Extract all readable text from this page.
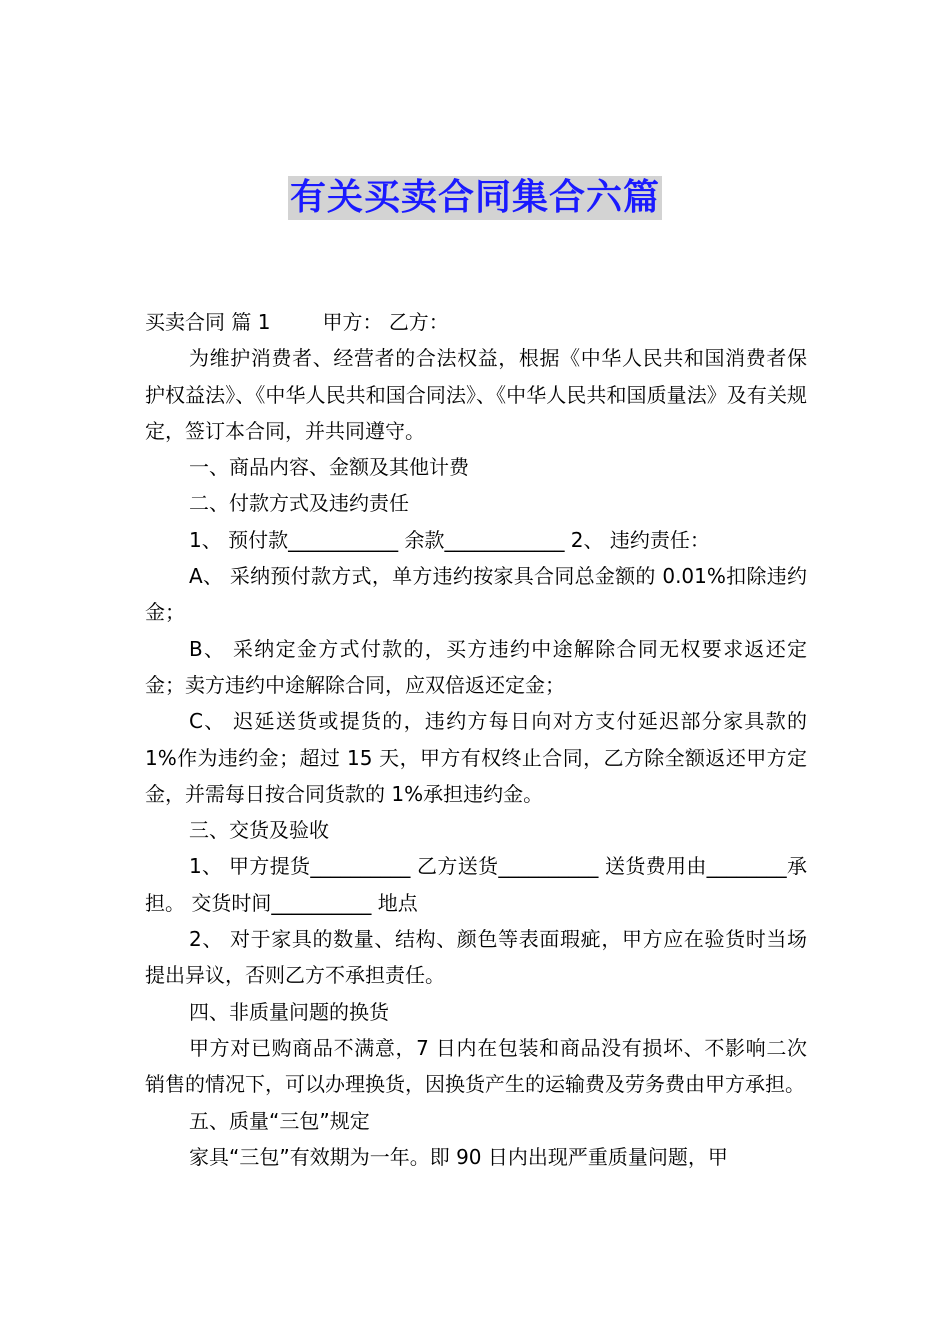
有关买卖合同集合六篇

买卖合同 篇 1	甲方： 乙方：

为维护消费者、经营者的合法权益，根据《中华人民共和国消费者保护权益法》、《中华人民共和国合同法》、《中华人民共和国质量法》及有关规定，签订本合同，并共同遵守。

一、商品内容、金额及其他计费

二、付款方式及违约责任

1、 预付款___________ 余款____________ 2、 违约责任：

A、 采纳预付款方式，单方违约按家具合同总金额的 0.01%扣除违约金；

B、 采纳定金方式付款的，买方违约中途解除合同无权要求返还定金；卖方违约中途解除合同，应双倍返还定金；

C、 迟延送货或提货的，违约方每日向对方支付延迟部分家具款的 1%作为违约金；超过 15 天，甲方有权终止合同，乙方除全额返还甲方定金，并需每日按合同货款的 1%承担违约金。

三、交货及验收

1、 甲方提货__________ 乙方送货__________ 送货费用由________承担。 交货时间__________ 地点

2、 对于家具的数量、结构、颜色等表面瑕疵，甲方应在验货时当场提出异议，否则乙方不承担责任。

四、非质量问题的换货

甲方对已购商品不满意，7 日内在包装和商品没有损坏、不影响二次销售的情况下，可以办理换货，因换货产生的运输费及劳务费由甲方承担。

五、质量“三包”规定

家具“三包”有效期为一年。即 90 日内出现严重质量问题，甲
